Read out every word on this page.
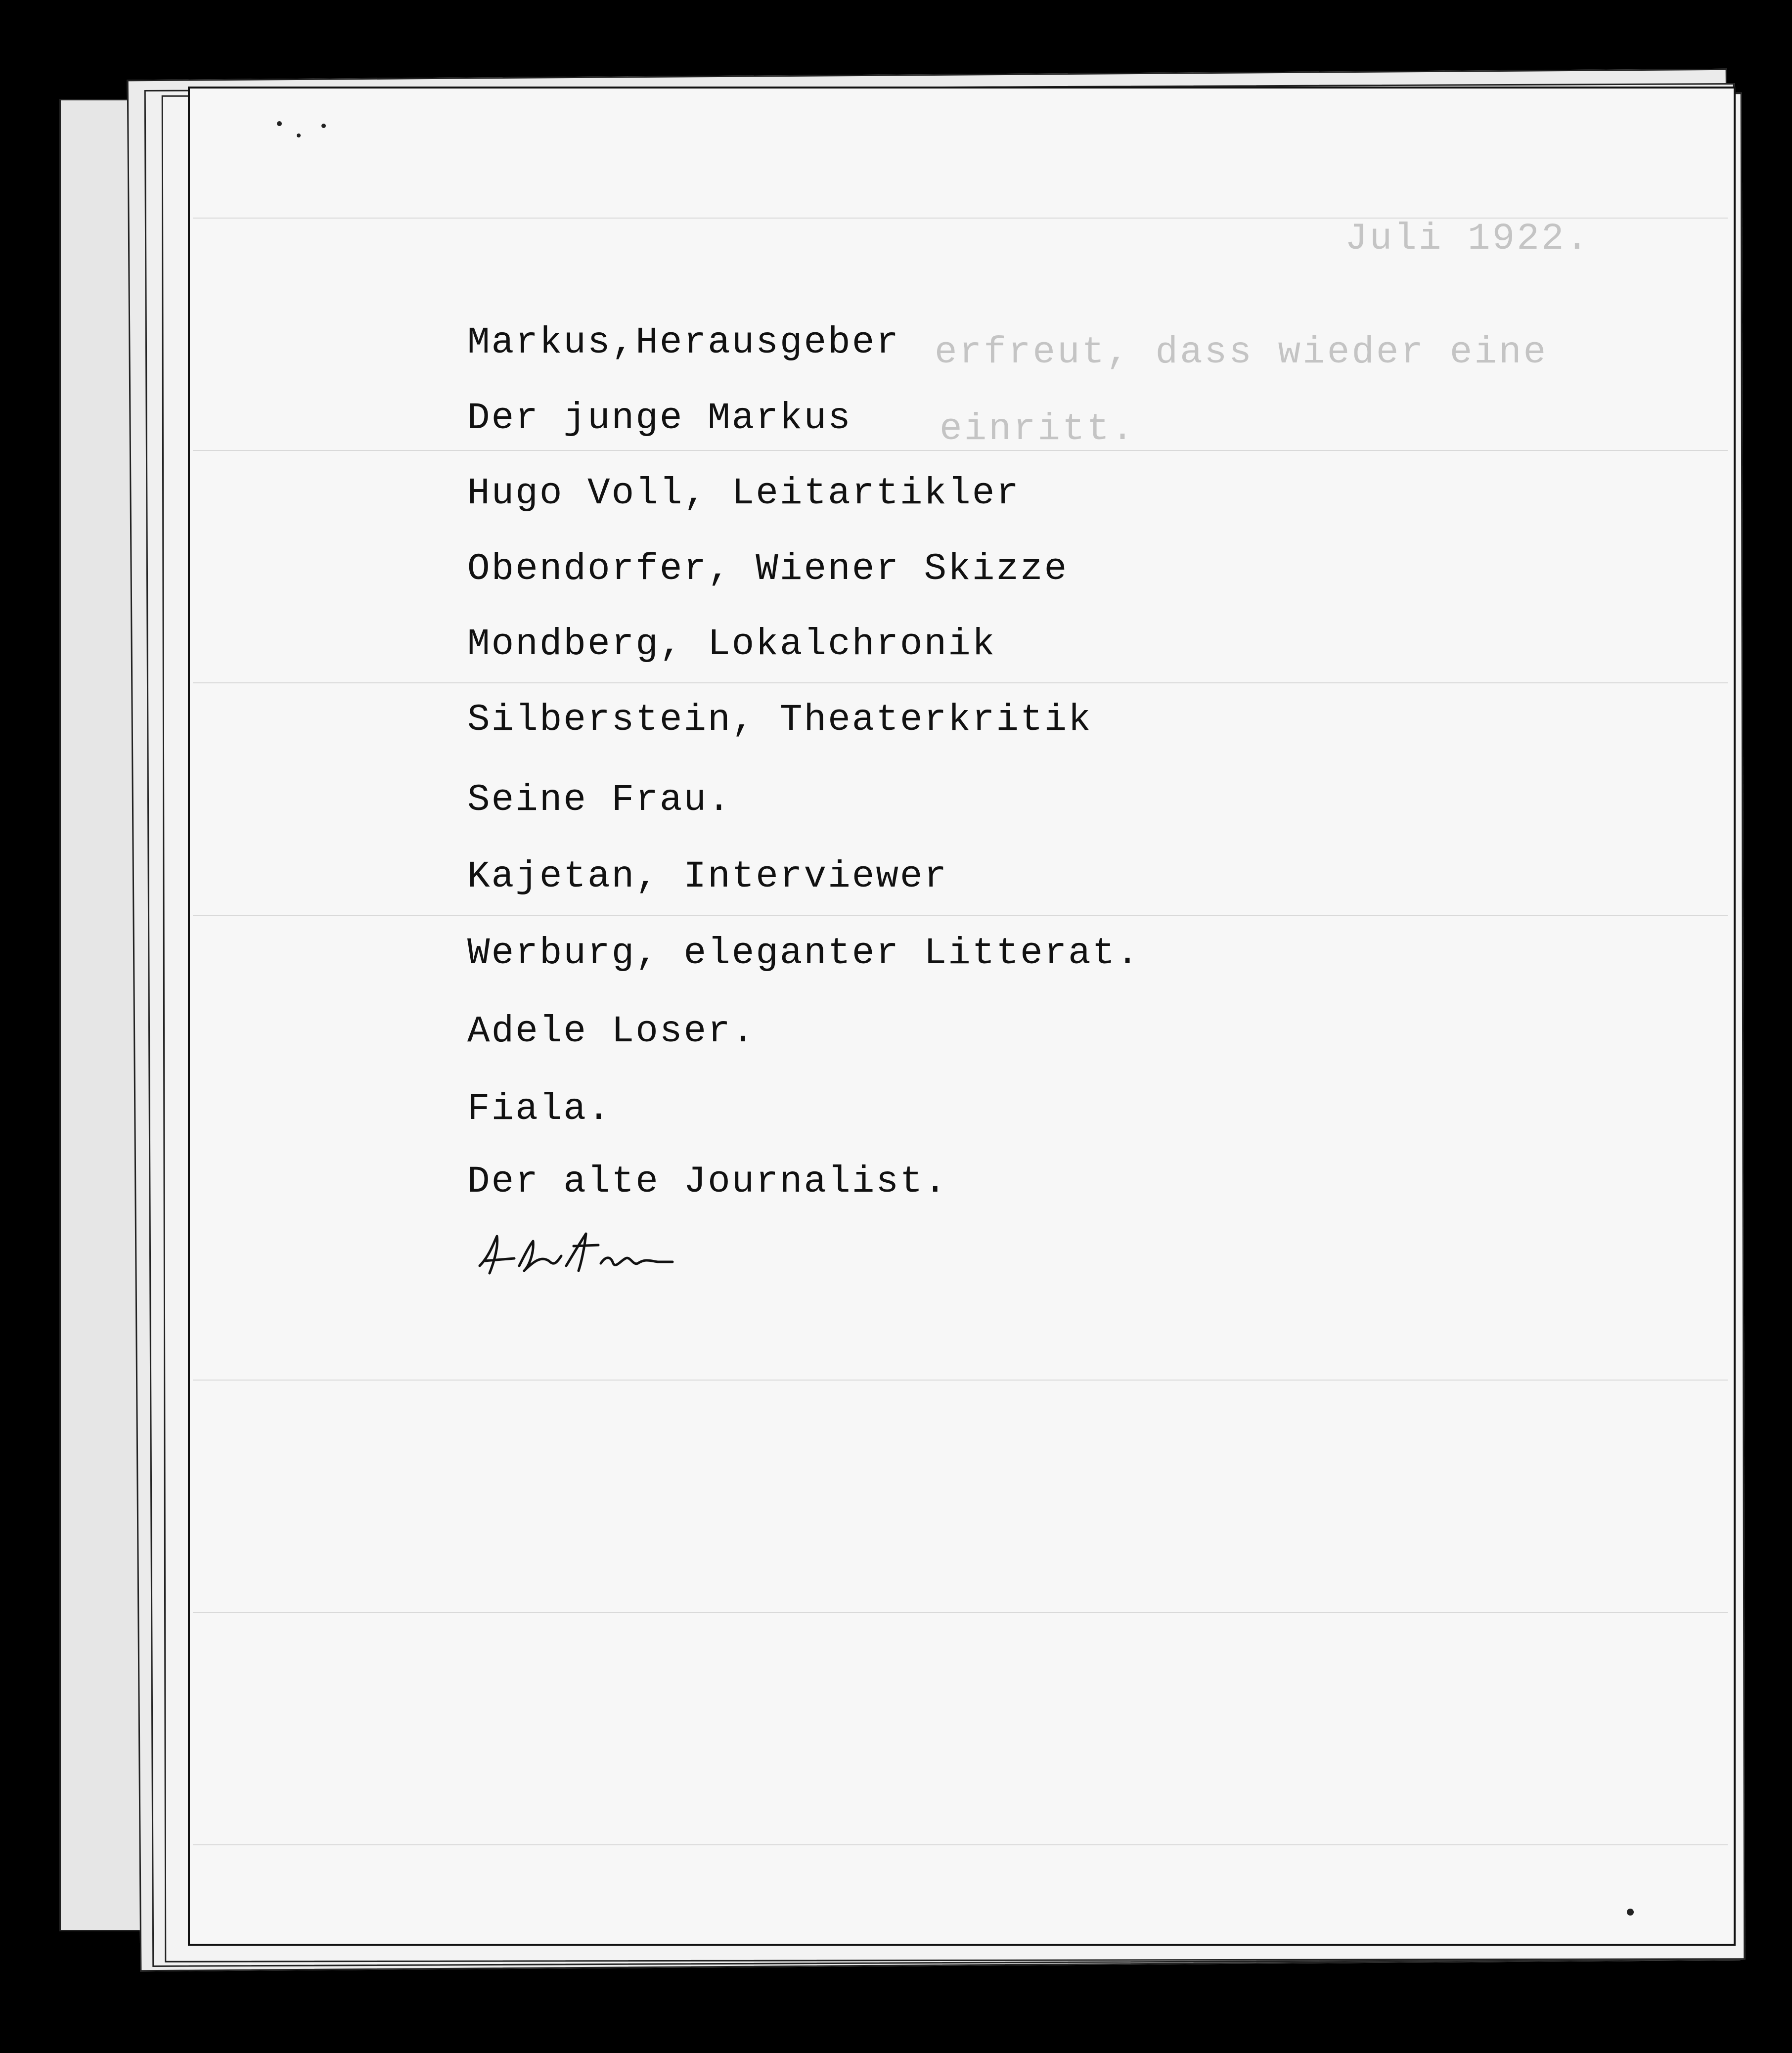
Juli 1922.
erfreut, dass wieder eine
einritt.
Markus,Herausgeber
Der junge Markus
Hugo Voll, Leitartikler
Obendorfer, Wiener Skizze
Mondberg, Lokalchronik
Silberstein, Theaterkritik
Seine Frau.
Kajetan, Interviewer
Werburg, eleganter Litterat.
Adele Loser.
Fiala.
Der alte Journalist.
